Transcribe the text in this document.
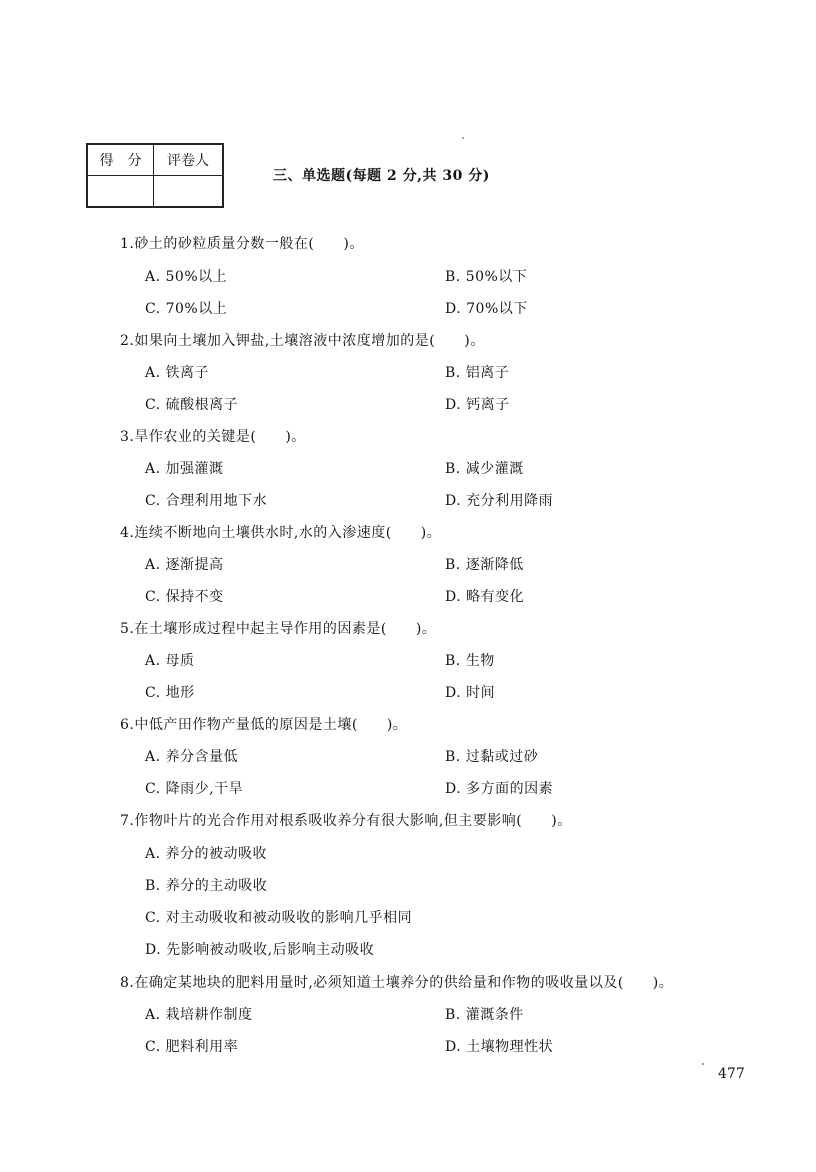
得　分	评卷人

三、单选题(每题 2 分,共 30 分)
1.砂土的砂粒质量分数一般在(　　)。
A. 50%以上	B. 50%以下
C. 70%以上	D. 70%以下
2.如果向土壤加入钾盐,土壤溶液中浓度增加的是(　　)。
A. 铁离子	B. 铝离子
C. 硫酸根离子	D. 钙离子
3.旱作农业的关键是(　　)。
A. 加强灌溉	B. 减少灌溉
C. 合理利用地下水	D. 充分利用降雨
4.连续不断地向土壤供水时,水的入渗速度(　　)。
A. 逐渐提高	B. 逐渐降低
C. 保持不变	D. 略有变化
5.在土壤形成过程中起主导作用的因素是(　　)。
A. 母质	B. 生物
C. 地形	D. 时间
6.中低产田作物产量低的原因是土壤(　　)。
A. 养分含量低	B. 过黏或过砂
C. 降雨少,干旱	D. 多方面的因素
7.作物叶片的光合作用对根系吸收养分有很大影响,但主要影响(　　)。
A. 养分的被动吸收
B. 养分的主动吸收
C. 对主动吸收和被动吸收的影响几乎相同
D. 先影响被动吸收,后影响主动吸收
8.在确定某地块的肥料用量时,必须知道土壤养分的供给量和作物的吸收量以及(　　)。
A. 栽培耕作制度	B. 灌溉条件
C. 肥料利用率	D. 土壤物理性状
477
